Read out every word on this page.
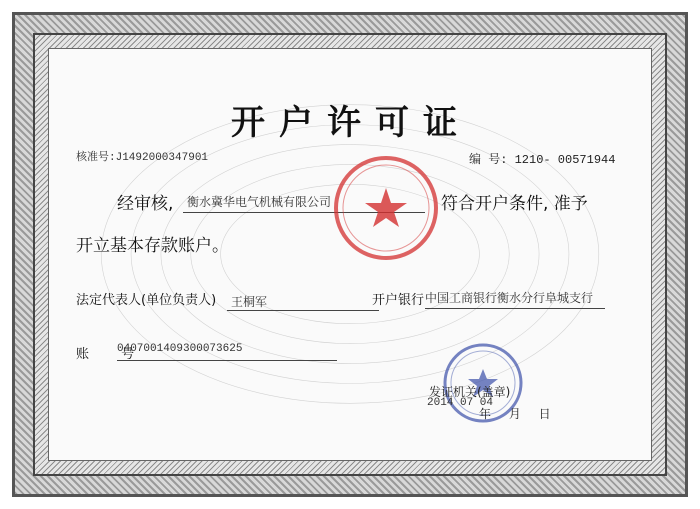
开户许可证
核准号:J1492000347901	编 号: 1210- 00571944
经审核,	衡水冀华电气机械有限公司	符合开户条件, 准予
开立基本存款账户。
法定代表人(单位负责人)	王桐军	开户银行 中国工商银行衡水分行阜城支行
账 号
0407001409300073625
发证机关(盖章)
2014 07 04
年 月 日
